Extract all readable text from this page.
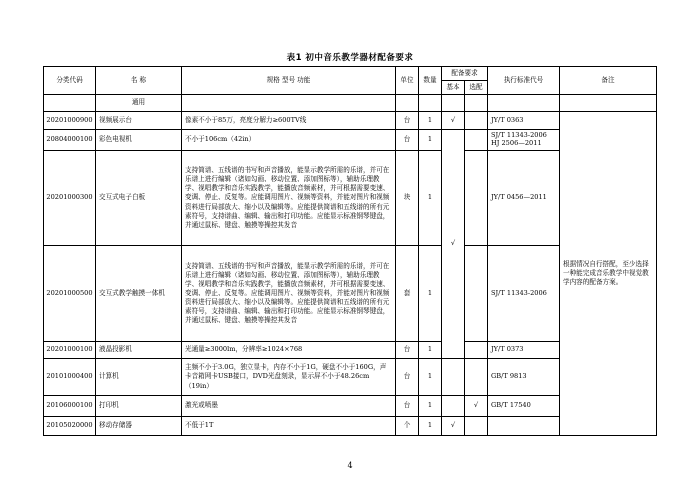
表1 初中音乐教学器材配备要求
分类代码	名 称	规格 型号 功能	单位	数量	配备要求		执行标准代号	备注	
					基本	选配			
	通用								
20201000900	视频展示台	像素不小于85万，亮度分解力≥600TV线	台	1	√		JY/T 0363	根据情况自行搭配，至少选择一种能完成音乐教学中视觉教学内容的配备方案。	
20804000100	彩色电视机	不小于106cm（42in）	台	1	√		SJ/T 11343-2006
HJ 2506—2011		
20201000300	交互式电子白板	支持简谱、五线谱的书写和声音播放，能显示教学所需的乐谱，并可在乐谱上进行编辑（诸如勾画、移动位置、添加图标等），辅助乐理教学、视唱教学和音乐实践教学，能播放音频素材，并可根据需要变速、变调、停止、反复等。应能调用图片、视频等资料，并能对图片和视频资料进行局部放大、缩小以及编辑等。应能提供简谱和五线谱的所有元素符号，支持谱曲、编辑、输出和打印功能。应能显示标准钢琴键盘，并通过鼠标、键盘、触摸等操控其发音	块	1			JY/T 0456—2011		
20201000500	交互式教学触摸一体机	支持简谱、五线谱的书写和声音播放，能显示教学所需的乐谱，并可在乐谱上进行编辑（诸如勾画、移动位置、添加图标等），辅助乐理教学、视唱教学和音乐实践教学，能播放音频素材，并可根据需要变速、变调、停止、反复等。应能调用图片、视频等资料，并能对图片和视频资料进行局部放大、缩小以及编辑等。应能提供简谱和五线谱的所有元素符号，支持谱曲、编辑、输出和打印功能。应能显示标准钢琴键盘，并通过鼠标、键盘、触摸等操控其发音	套	1			SJ/T 11343-2006		
20201000100	液晶投影机	光通量≥3000lm，分辨率≥1024×768	台	1			JY/T 0373		
20101000400	计算机	主频不小于3.0G，独立显卡，内存不小于1G，硬盘不小于160G，声卡音箱网卡USB接口，DVD光盘刻录，显示屏不小于48.26cm（19in）	台	1			GB/T 9813		
20106000100	打印机	激光或喷墨	台	1		√	GB/T 17540		
20105020000	移动存储器	不低于1T	个	1	√				
4
